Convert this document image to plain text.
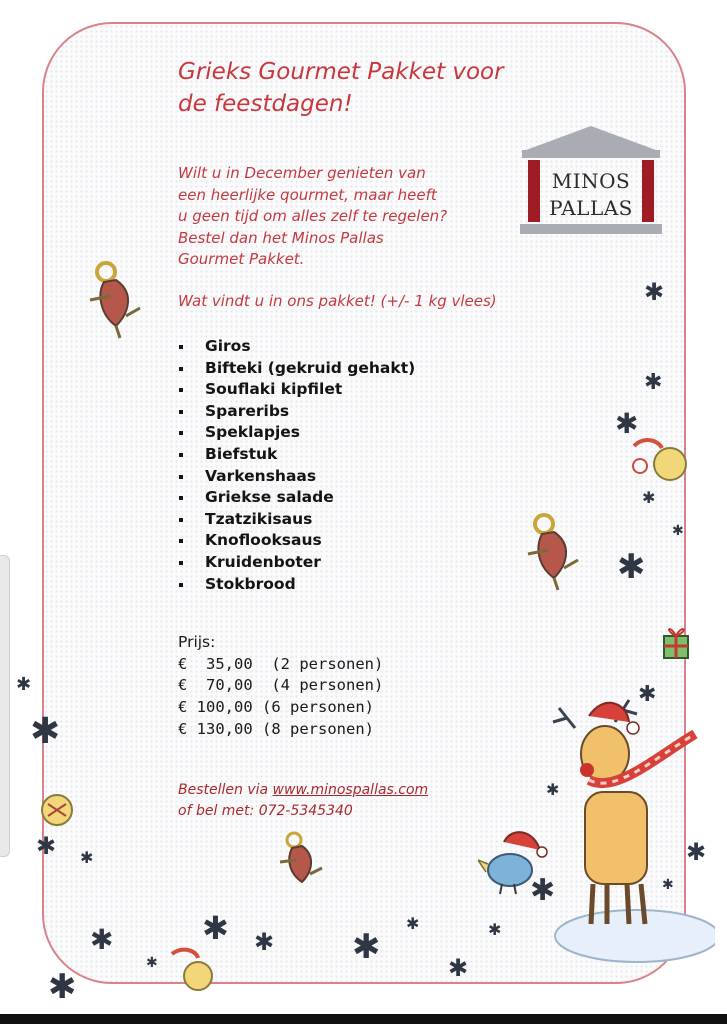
Grieks Gourmet Pakket voor
de feestdagen!
Wilt u in December genieten van
een heerlijke qourmet, maar heeft
u geen tijd om alles zelf te regelen?
Bestel dan het Minos Pallas
Gourmet Pakket.
MINOS
PALLAS

Wat vindt u in ons pakket! (+/- 1 kg vlees)

Giros
Bifteki (gekruid gehakt)
Souflaki kipfilet
Spareribs
Speklapjes
Biefstuk
Varkenshaas
Griekse salade
Tzatzikisaus
Knoflooksaus
Kruidenboter
Stokbrood
Prijs:
€  35,00 (2 personen)
€  70,00 (4 personen)
€ 100,00 (6 personen)
€ 130,00 (8 personen)
Bestellen via www.minospallas.com
of bel met: 072-5345340
✱
✱
✱
✱
✱
✱
✱
✱
✱
✱ ✱
✱
✱
✱ ✱
✱	✱
✱
✱
✱
✱
✱
✱
✱
